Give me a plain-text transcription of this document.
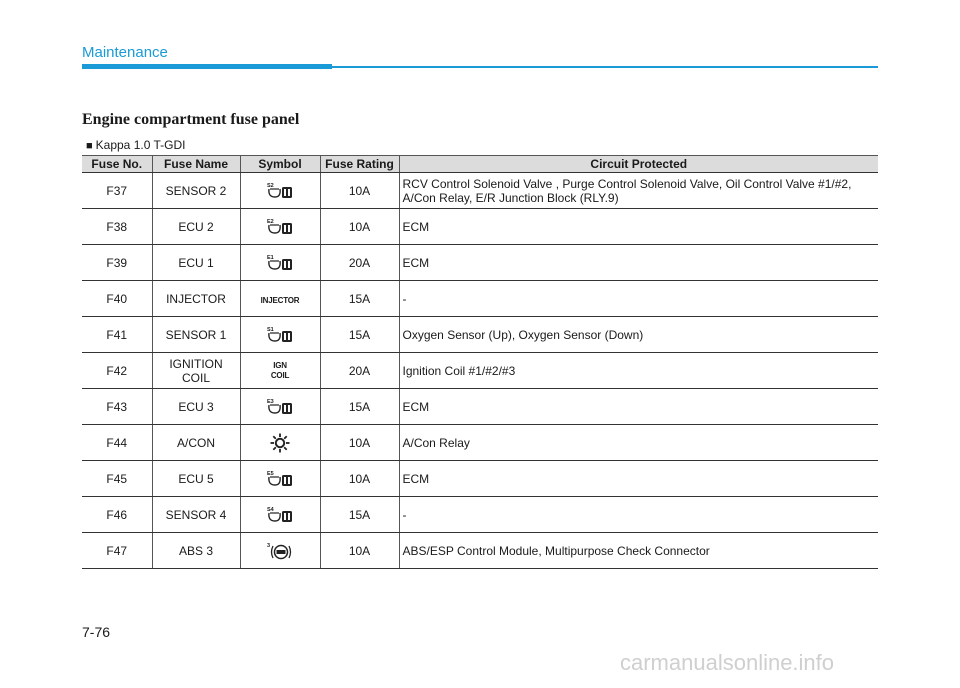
Maintenance
Engine compartment fuse panel
■ Kappa 1.0 T-GDI
Fuse No.	Fuse Name	Symbol	Fuse Rating	Circuit Protected
F37	SENSOR 2	S2	10A	RCV Control Solenoid Valve , Purge Control Solenoid Valve, Oil Control Valve #1/#2, A/Con Relay, E/R Junction Block (RLY.9)
F38	ECU 2	E2	10A	ECM
F39	ECU 1	E1	20A	ECM
F40	INJECTOR	INJECTOR	15A	-
F41	SENSOR 1	S1	15A	Oxygen Sensor (Up), Oxygen Sensor (Down)
F42	IGNITION COIL	IGN COIL	20A	Ignition Coil #1/#2/#3
F43	ECU 3	E3	15A	ECM
F44	A/CON		10A	A/Con Relay
F45	ECU 5	E5	10A	ECM
F46	SENSOR 4	S4	15A	-
F47	ABS 3	3	10A	ABS/ESP Control Module, Multipurpose Check Connector
7-76
carmanualsonline.info
